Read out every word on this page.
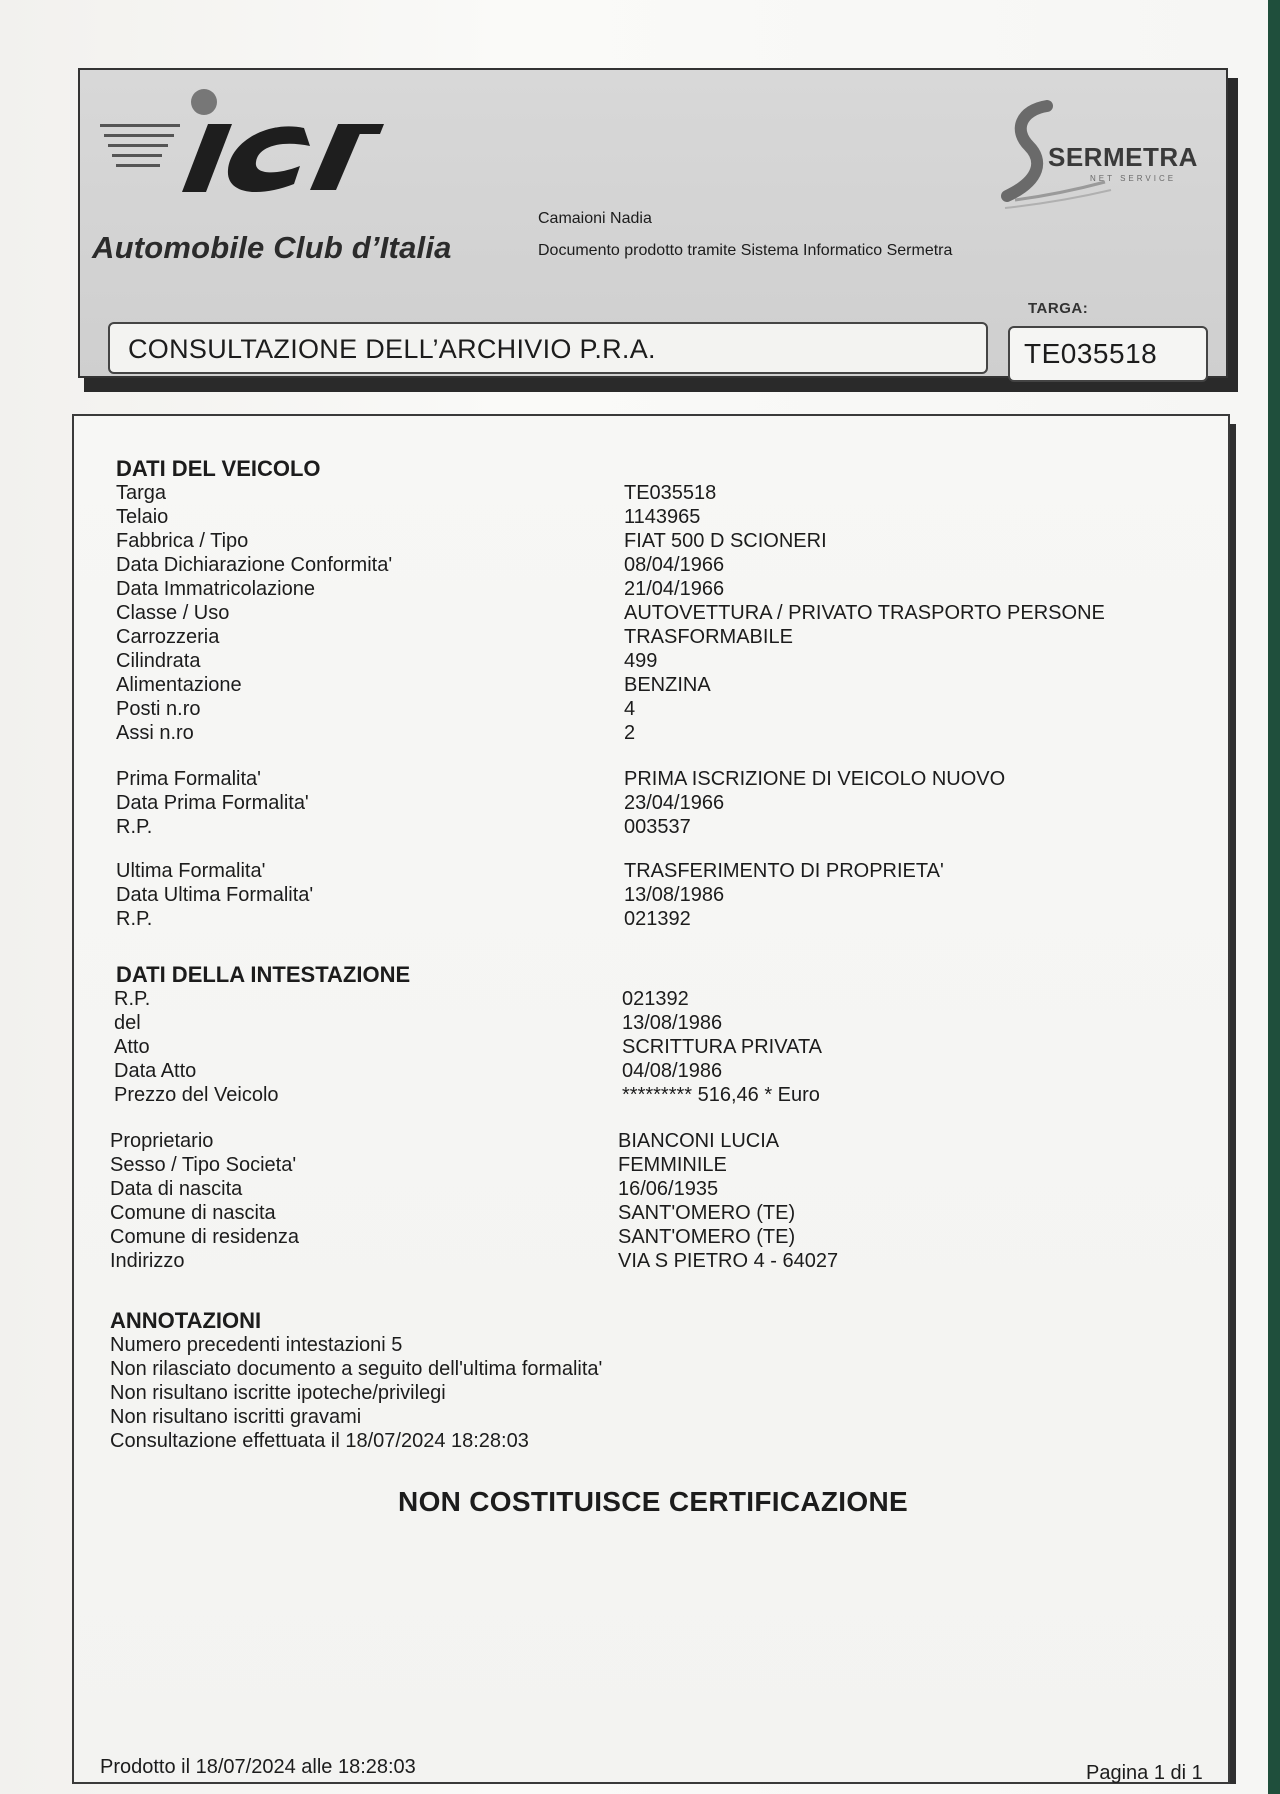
Automobile Club d’Italia
Camaioni Nadia
Documento prodotto tramite Sistema Informatico Sermetra
SERMETRA
NET SERVICE
CONSULTAZIONE DELL’ARCHIVIO P.R.A.
TARGA:
TE035518
DATI DEL VEICOLO
Targa	TE035518
Telaio	1143965
Fabbrica / Tipo	FIAT 500 D SCIONERI
Data Dichiarazione Conformita'	08/04/1966
Data Immatricolazione	21/04/1966
Classe / Uso	AUTOVETTURA / PRIVATO TRASPORTO PERSONE
Carrozzeria	TRASFORMABILE
Cilindrata	499
Alimentazione	BENZINA
Posti n.ro	4
Assi n.ro	2
Prima Formalita'	PRIMA ISCRIZIONE DI VEICOLO NUOVO
Data Prima Formalita'	23/04/1966
R.P.	003537
Ultima Formalita'	TRASFERIMENTO DI PROPRIETA'
Data Ultima Formalita'	13/08/1986
R.P.	021392
DATI DELLA INTESTAZIONE
R.P.	021392
del	13/08/1986
Atto	SCRITTURA PRIVATA
Data Atto	04/08/1986
Prezzo del Veicolo	********* 516,46 * Euro
Proprietario	BIANCONI LUCIA
Sesso / Tipo Societa'	FEMMINILE
Data di nascita	16/06/1935
Comune di nascita	SANT'OMERO (TE)
Comune di residenza	SANT'OMERO (TE)
Indirizzo	VIA S PIETRO 4 - 64027
ANNOTAZIONI
Numero precedenti intestazioni 5
Non rilasciato documento a seguito dell'ultima formalita'
Non risultano iscritte ipoteche/privilegi
Non risultano iscritti gravami
Consultazione effettuata il 18/07/2024 18:28:03
NON COSTITUISCE CERTIFICAZIONE
Prodotto il 18/07/2024 alle 18:28:03	Pagina 1 di 1
